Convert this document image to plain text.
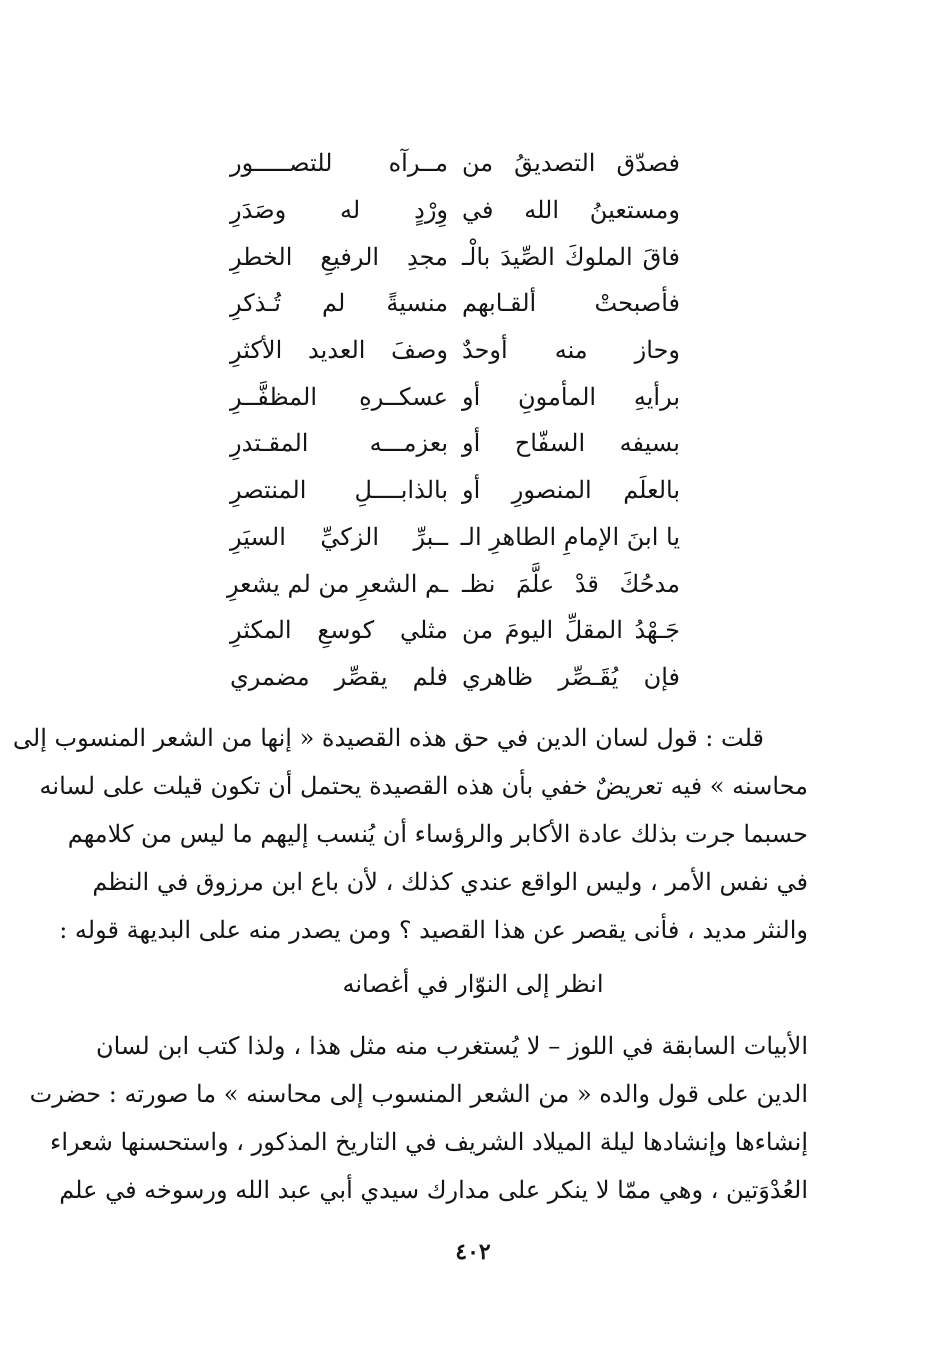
فصدّق التصديقُ من
مــرآه للتصـــــور
ومستعينُ الله في
وِرْدٍ له وصَدَرِ
فاقَ الملوكَ الصِّيدَ بالْـ
مجدِ الرفيعِ الخطرِ
فأصبحتْ ألقـابهم
منسيةً لم تُـذكرِ
وحاز منه أوحدٌ
وصفَ العديد الأكثرِ
برأيهِ المأمونِ أو
عسكــرهِ المظفَّــرِ
بسيفه السفّاح أو
بعزمـــه المقـتدرِ
بالعلَم المنصورِ أو
بالذابــــلِ المنتصرِ
يا ابنَ الإمامِ الطاهرِ الـ
ــبرِّ الزكيِّ السيَرِ
مدحُكَ قدْ علَّمَ نظـ
ـم الشعرِ من لم يشعرِ
جَـهْدُ المقلِّ اليومَ من
مثلي كوسعِ المكثرِ
فإن يُقَـصِّر ظاهري
فلم يقصِّر مضمري
قلت : قول لسان الدين في حق هذه القصيدة « إنها من الشعر المنسوب إلى
محاسنه » فيه تعريضٌ خفي بأن هذه القصيدة يحتمل أن تكون قيلت على لسانه
حسبما جرت بذلك عادة الأكابر والرؤساء أن يُنسب إليهم ما ليس من كلامهم
في نفس الأمر ، وليس الواقع عندي كذلك ، لأن باع ابن مرزوق في النظم
والنثر مديد ، فأنى يقصر عن هذا القصيد ؟ ومن يصدر منه على البديهة قوله :

انظر إلى النوّار في أغصانه

الأبيات السابقة في اللوز – لا يُستغرب منه مثل هذا ، ولذا كتب ابن لسان
الدين على قول والده « من الشعر المنسوب إلى محاسنه » ما صورته : حضرت
إنشاءها وإنشادها ليلة الميلاد الشريف في التاريخ المذكور ، واستحسنها شعراء
العُدْوَتين ، وهي ممّا لا ينكر على مدارك سيدي أبي عبد الله ورسوخه في علم

٤٠٢
